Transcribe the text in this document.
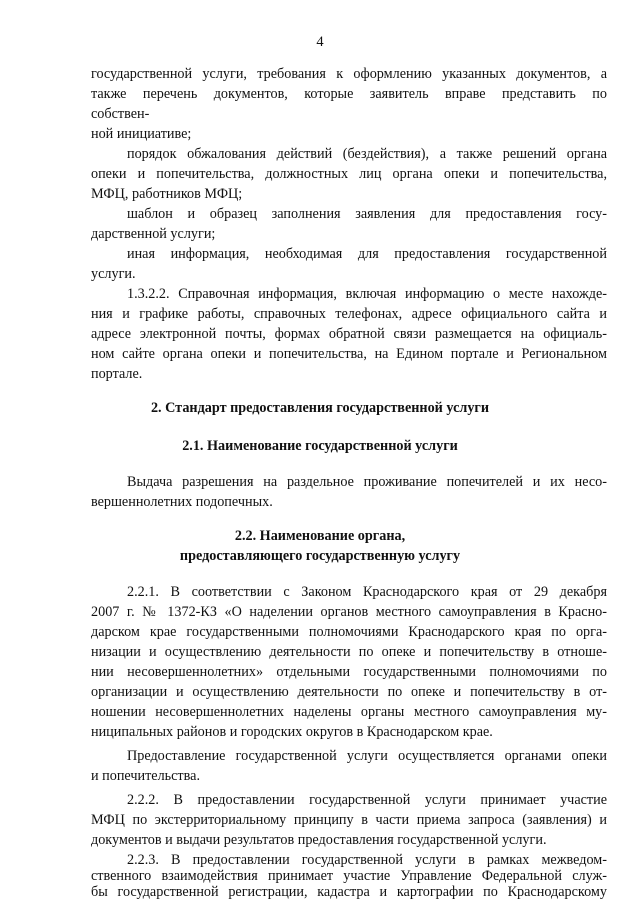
4
государственной услуги, требования к оформлению указанных документов, а
также перечень документов, которые заявитель вправе представить по
собствен-
ной инициативе;
порядок обжалования действий (бездействия), а также решений органа
опеки и попечительства, должностных лиц органа опеки и попечительства,
МФЦ, работников МФЦ;
шаблон и образец заполнения заявления для предоставления госу-
дарственной услуги;
иная информация, необходимая для предоставления государственной
услуги.
1.3.2.2. Справочная информация, включая информацию о месте нахожде-
ния и графике работы, справочных телефонах, адресе официального сайта и
адресе электронной почты, формах обратной связи размещается на официаль-
ном сайте органа опеки и попечительства, на Едином портале и Региональном
портале.
2. Стандарт предоставления государственной услуги
2.1. Наименование государственной услуги
Выдача разрешения на раздельное проживание попечителей и их несо-
вершеннолетних подопечных.
2.2. Наименование органа,
предоставляющего государственную услугу
2.2.1. В соответствии с Законом Краснодарского края от 29 декабря
2007 г. № 1372-КЗ «О наделении органов местного самоуправления в Красно-
дарском крае государственными полномочиями Краснодарского края по орга-
низации и осуществлению деятельности по опеке и попечительству в отноше-
нии несовершеннолетних» отдельными государственными полномочиями по
организации и осуществлению деятельности по опеке и попечительству в от-
ношении несовершеннолетних наделены органы местного самоуправления му-
ниципальных районов и городских округов в Краснодарском крае.
Предоставление государственной услуги осуществляется органами опеки
и попечительства.
2.2.2. В предоставлении государственной услуги принимает участие
МФЦ по экстерриториальному принципу в части приема запроса (заявления) и
документов и выдачи результатов предоставления государственной услуги.
2.2.3. В предоставлении государственной услуги в рамках межведом-
ственного взаимодействия принимает участие Управление Федеральной служ-
бы государственной регистрации, кадастра и картографии по Краснодарскому
